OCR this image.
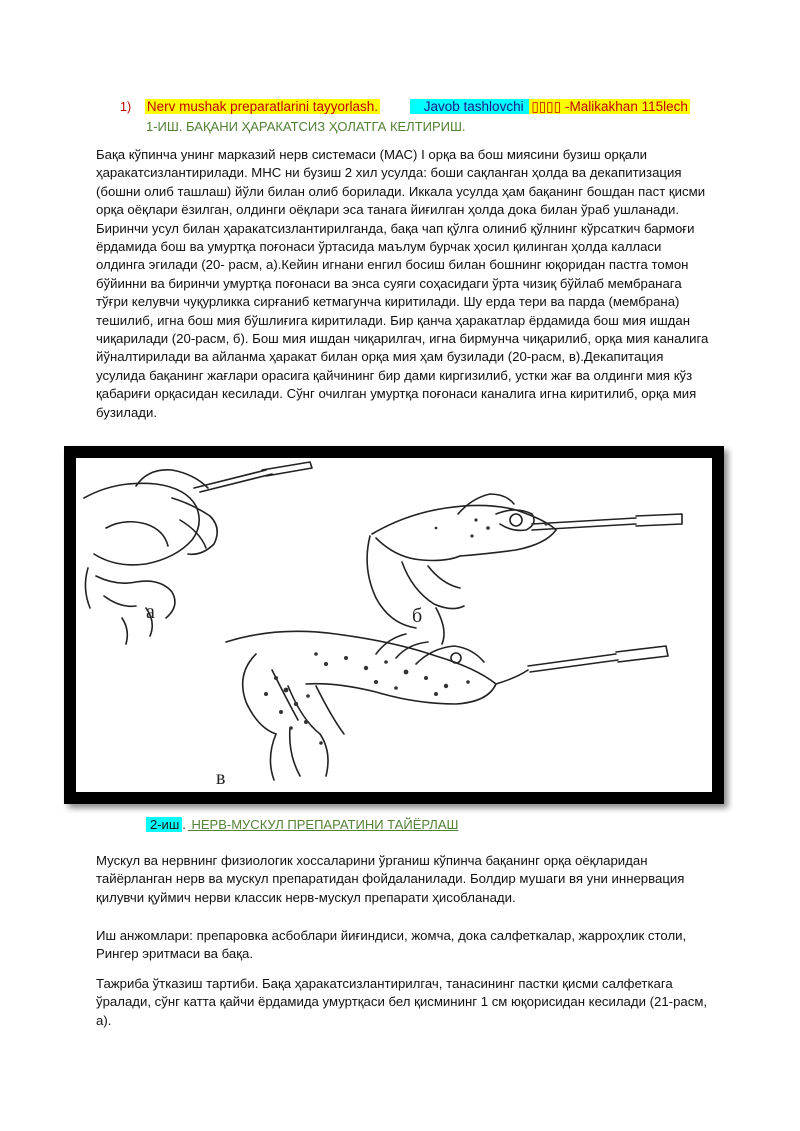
1) Nerv mushak preparatlarini tayyorlash.	Javob tashlovchi ▯▯▯▯ -Malikakhan 115lech
1-ИШ. БАҚАНИ ҲАРАКАТСИЗ ҲОЛАТГА КЕЛТИРИШ.

Бақа кўпинча унинг марказий нерв системаси (МАС) I орқа ва бош миясини бузиш орқали ҳаракатсизлантирилади. МНС ни бузиш 2 хил усулда: боши сақланган ҳолда ва декапитизация (бошни олиб ташлаш) йўли билан олиб борилади. Иккала усулда ҳам бақанинг бошдан паст қисми орқа оёқлари ёзилган, олдинги оёқлари эса танага йиғилган ҳолда дока билан ўраб ушланади. Биринчи усул билан ҳаракатсизлантирилганда, бақа чап қўлга олиниб қўлнинг кўрсаткич бармоғи ёрдамида бош ва умуртқа поғонаси ўртасида маълум бурчак ҳосил қилинган ҳолда калласи олдинга эгилади (20- расм, а).Кейин игнани енгил босиш билан бошнинг юқоридан пастга томон бўйинни ва биринчи умуртқа поғонаси ва энса суяги соҳасидаги ўрта чизиқ бўйлаб мембранага тўғри келувчи чуқурликка сирғаниб кетмагунча киритилади. Шу ерда тери ва парда (мембрана) тешилиб, игна бош мия бўшлиғига киритилади. Бир қанча ҳаракатлар ёрдамида бош мия ишдан чиқарилади (20-расм, б). Бош мия ишдан чиқарилгач, игна бирмунча чиқарилиб, орқа мия каналига йўналтирилади ва айланма ҳаракат билан орқа мия ҳам бузилади (20-расм, в).Декапитация усулида бақанинг жағлари орасига қайчининг бир дами киргизилиб, устки жағ ва олдинги мия кўз қабариғи орқасидан кесилади. Сўнг очилган умуртқа поғонаси каналига игна киритилиб, орқа мия бузилади.

а	б
в
2-иш . НЕРВ-МУСКУЛ ПРЕПАРАТИНИ ТАЙЁРЛАШ

Мускул ва нервнинг физиологик хоссаларини ўрганиш кўпинча бақанинг орқа оёқларидан тайёрланган нерв ва мускул препаратидан фойдаланилади. Болдир мушаги вя уни иннервация қилувчи қуймич нерви классик нерв-мускул препарати ҳисобланади.

Иш анжомлари: препаровка асбоблари йиғиндиси, жомча, дока салфеткалар, жарроҳлик столи, Рингер эритмаси ва бақа.

Тажриба ўтказиш тартиби. Бақа ҳаракатсизлантирилгач, танасининг пастки қисми салфеткага ўралади, сўнг катта қайчи ёрдамида умуртқаси бел қисмининг 1 см юқорисидан кесилади (21-расм, а).
